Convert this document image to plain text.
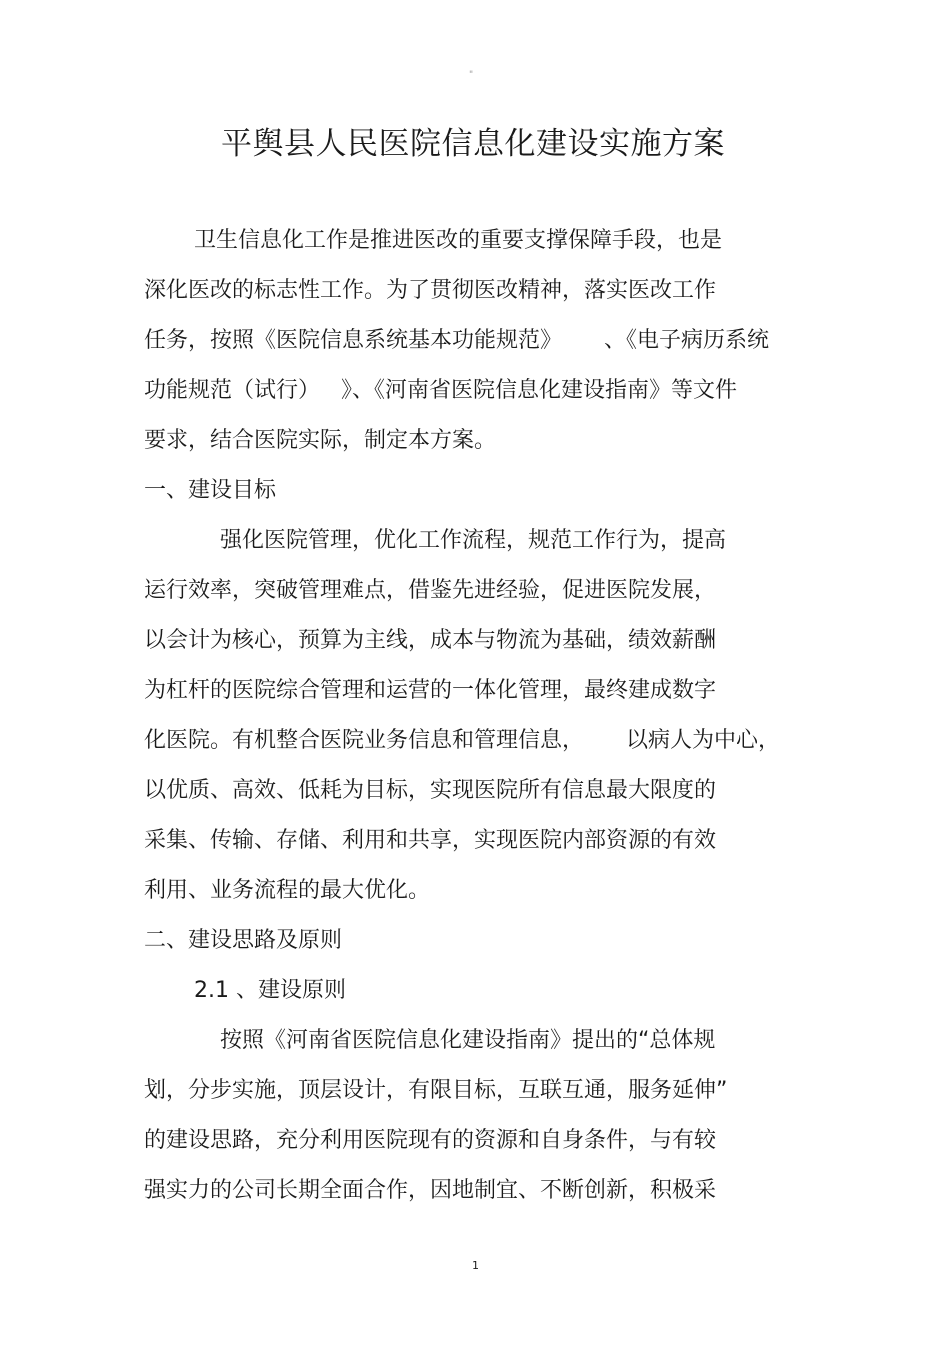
"
平舆县人民医院信息化建设实施方案
卫生信息化工作是推进医改的重要支撑保障手段，也是
深化医改的标志性工作。为了贯彻医改精神，落实医改工作
任务，按照《医院信息系统基本功能规范》      、《电子病历系统
功能规范（试行）   》、《河南省医院信息化建设指南》等文件
要求，结合医院实际，制定本方案。
一、建设目标
强化医院管理，优化工作流程，规范工作行为，提高
运行效率，突破管理难点，借鉴先进经验，促进医院发展，
以会计为核心，预算为主线，成本与物流为基础，绩效薪酬
为杠杆的医院综合管理和运营的一体化管理，最终建成数字
化医院。有机整合医院业务信息和管理信息，      以病人为中心，
以优质、高效、低耗为目标，实现医院所有信息最大限度的
采集、传输、存储、利用和共享，实现医院内部资源的有效
利用、业务流程的最大优化。
二、建设思路及原则
2.1 、建设原则
按照《河南省医院信息化建设指南》提出的“总体规
划，分步实施，顶层设计，有限目标，互联互通，服务延伸”
的建设思路，充分利用医院现有的资源和自身条件，与有较
强实力的公司长期全面合作，因地制宜、不断创新，积极采
1
